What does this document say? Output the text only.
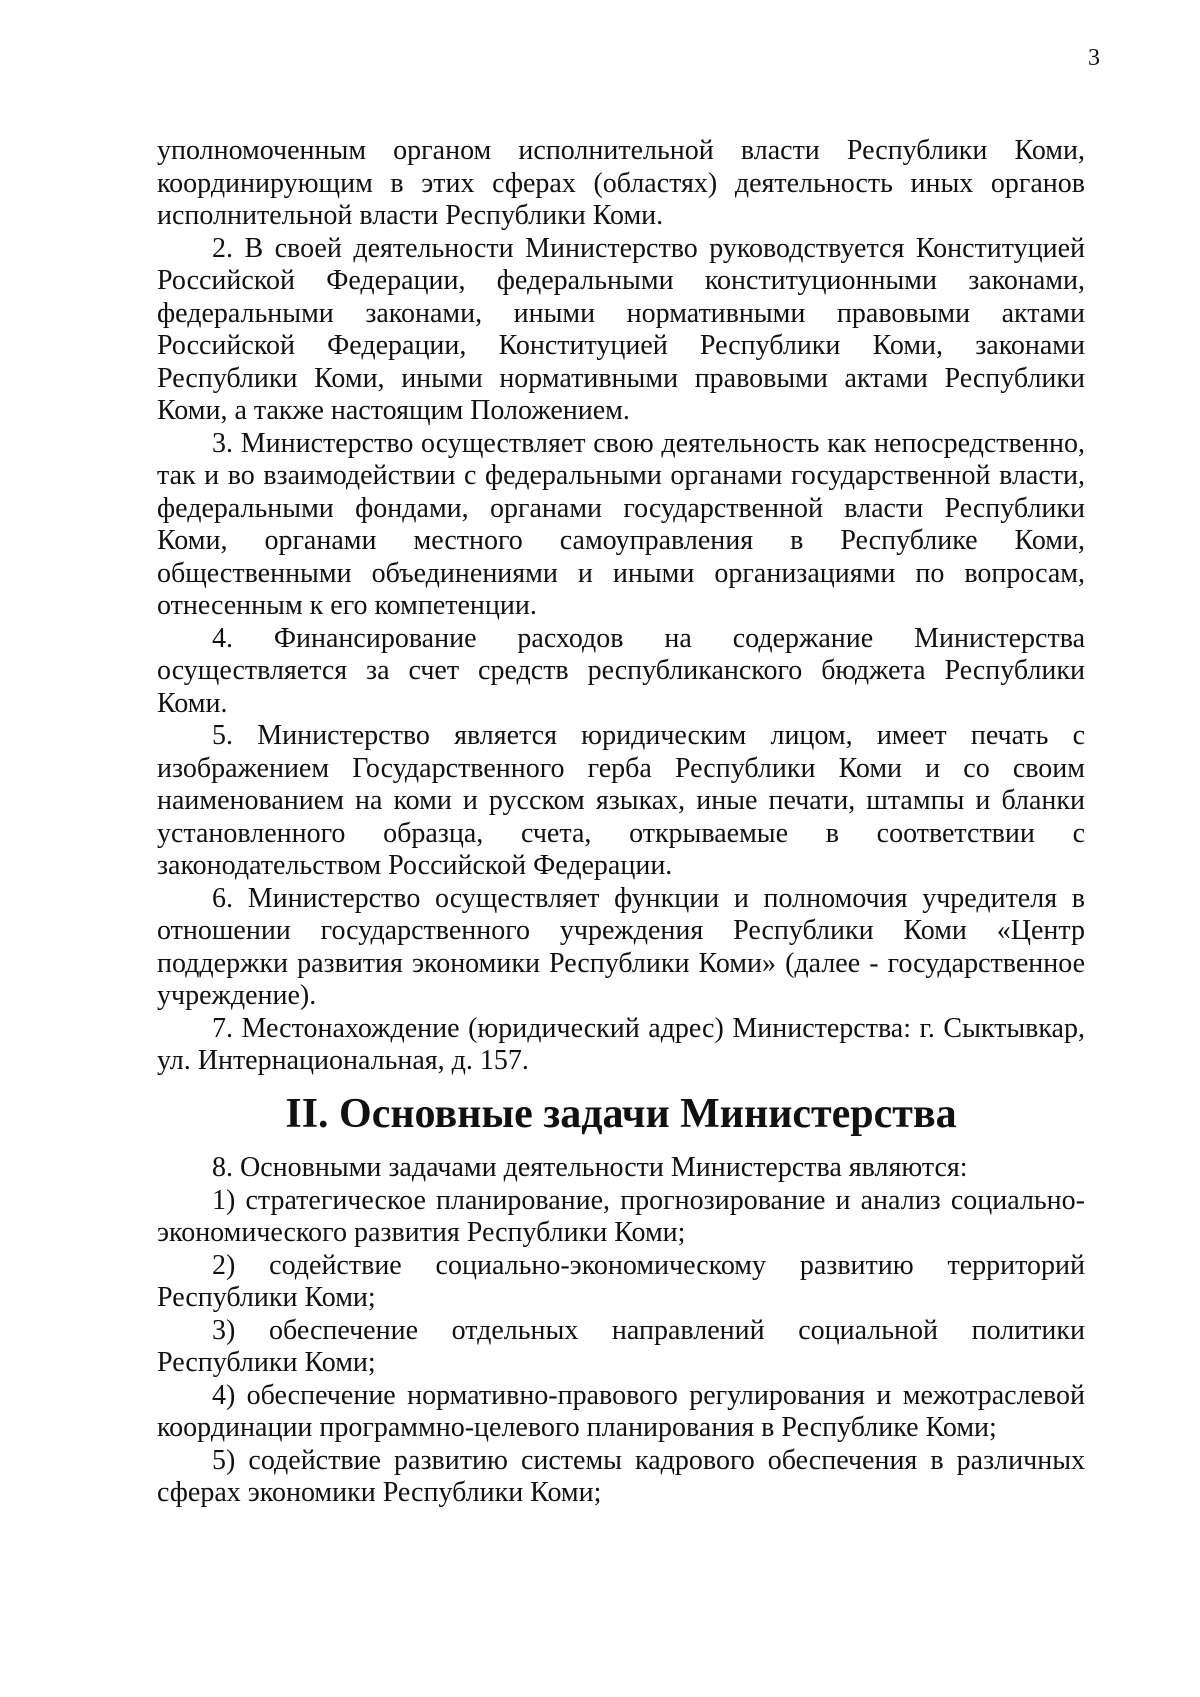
3

уполномоченным органом исполнительной власти Республики Коми, координирующим в этих сферах (областях) деятельность иных органов исполнительной власти Республики Коми.

2. В своей деятельности Министерство руководствуется Конституцией Российской Федерации, федеральными конституционными законами, федеральными законами, иными нормативными правовыми актами Российской Федерации, Конституцией Республики Коми, законами Республики Коми, иными нормативными правовыми актами Республики Коми, а также настоящим Положением.

3. Министерство осуществляет свою деятельность как непосредственно, так и во взаимодействии с федеральными органами государственной власти, федеральными фондами, органами государственной власти Республики Коми, органами местного самоуправления в Республике Коми, общественными объединениями и иными организациями по вопросам, отнесенным к его компетенции.

4. Финансирование расходов на содержание Министерства осуществляется за счет средств республиканского бюджета Республики Коми.

5. Министерство является юридическим лицом, имеет печать с изображением Государственного герба Республики Коми и со своим наименованием на коми и русском языках, иные печати, штампы и бланки установленного образца, счета, открываемые в соответствии с законодательством Российской Федерации.

6. Министерство осуществляет функции и полномочия учредителя в отношении государственного учреждения Республики Коми «Центр поддержки развития экономики Республики Коми» (далее - государственное учреждение).

7. Местонахождение (юридический адрес) Министерства: г. Сыктывкар, ул. Интернациональная, д. 157.

II. Основные задачи Министерства

8. Основными задачами деятельности Министерства являются:

1) стратегическое планирование, прогнозирование и анализ социально-экономического развития Республики Коми;

2) содействие социально-экономическому развитию территорий Республики Коми;

3) обеспечение отдельных направлений социальной политики Республики Коми;

4) обеспечение нормативно-правового регулирования и межотраслевой координации программно-целевого планирования в Республике Коми;

5) содействие развитию системы кадрового обеспечения в различных сферах экономики Республики Коми;
